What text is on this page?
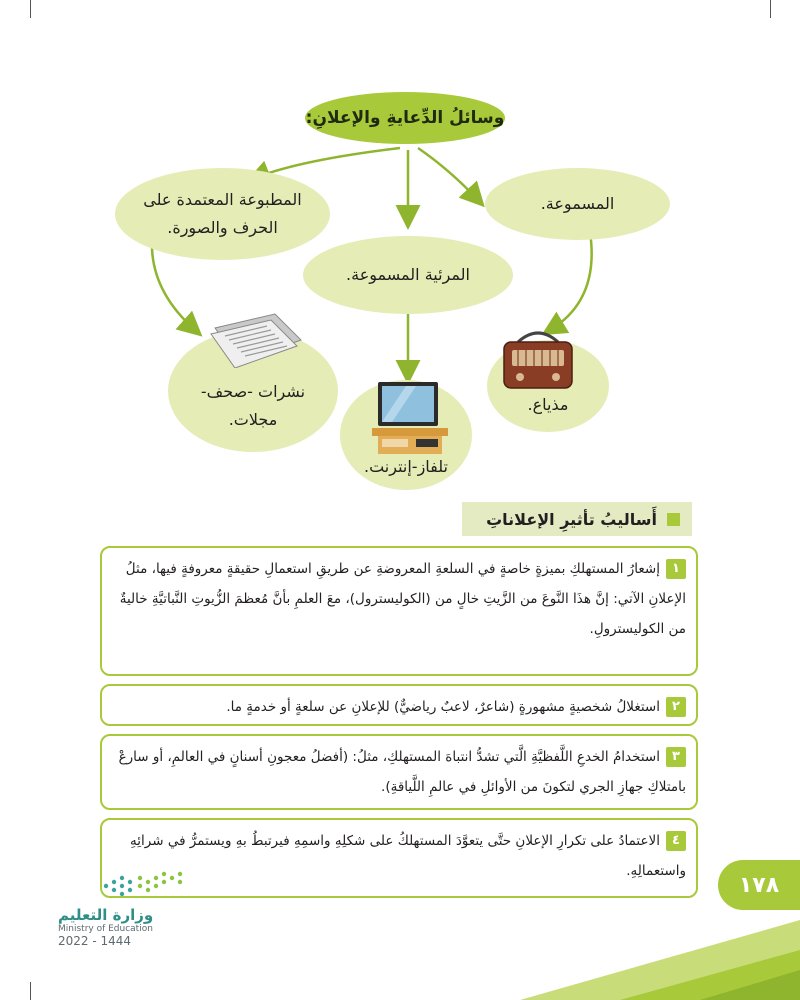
وسائلُ الدِّعايةِ والإعلانِ:
المطبوعة المعتمدة على الحرف والصورة.
المسموعة.
المرئية المسموعة.
نشرات -صحف- مجلات.
مذياع.
تلفاز-إنترنت.
أَساليبُ تأثيرِ الإعلاناتِ
١إشعارُ المستهلكِ بميزةٍ خاصةٍ في السلعةِ المعروضةِ عن طريقِ استعمالِ حقيقةٍ معروفةٍ فيها، مثلُ الإعلانِ الآتي: إنَّ هذَا النَّوعَ من الزَّيتِ خالٍ من (الكوليسترول)، معَ العلمِ بأنَّ مُعظمَ الزُّيوتِ النَّباتيَّةِ خاليةٌ من الكوليسترولِ.
٢استغلالُ شخصيةٍ مشهورةٍ (شاعرٌ، لاعبٌ رياضيٌّ) للإعلانِ عن سلعةٍ أو خدمةٍ ما.
٣استخدامُ الخدعِ اللَّفظيَّةِ الَّتي تشدُّ انتباهَ المستهلكِ، مثلُ: (أفضلُ معجونِ أسنانٍ في العالمِ، أو سارعْ بامتلاكِ جهازِ الجري لتكونَ من الأوائلِ في عالمِ اللَّياقةِ).
٤الاعتمادُ على تكرارِ الإعلانِ حتَّى يتعوَّدَ المستهلكُ على شكلِهِ واسمِهِ فيرتبطُ بهِ ويستمرُّ في شرائِهِ واستعمالِهِ.
١٧٨
وزارة التعليم
Ministry of Education
2022 - 1444
